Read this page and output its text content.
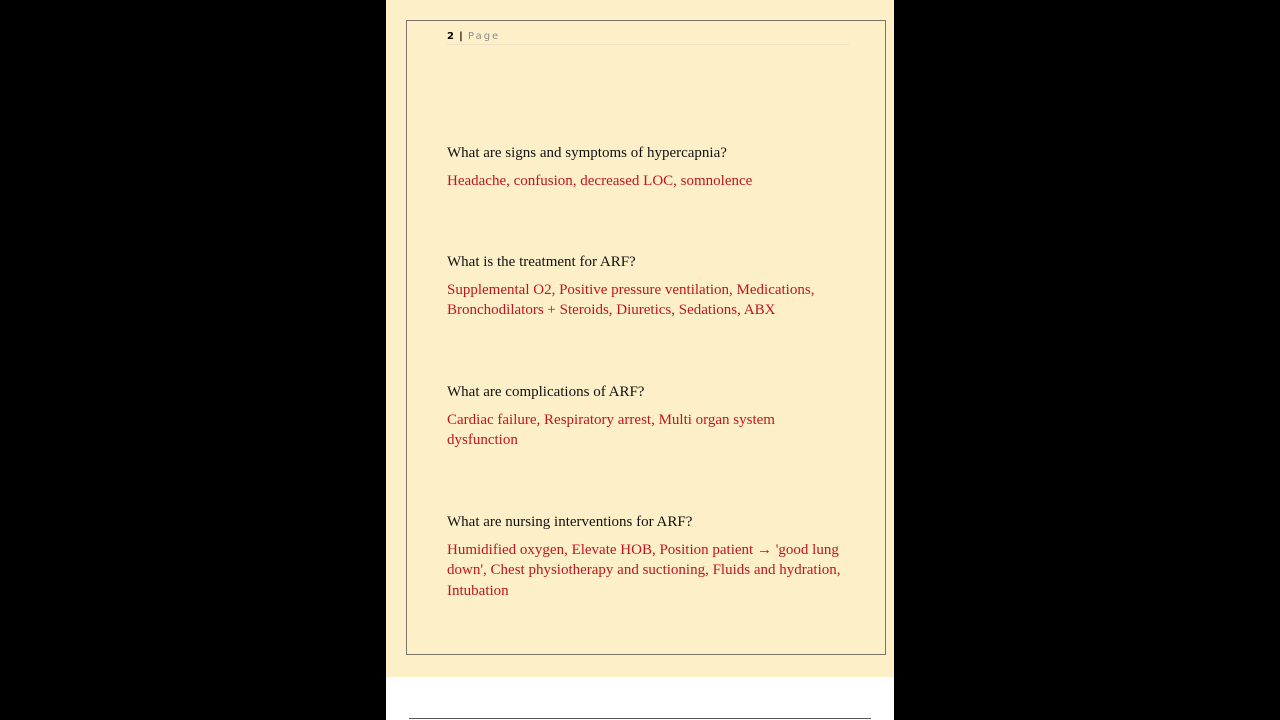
2 | Page

What are signs and symptoms of hypercapnia?

Headache, confusion, decreased LOC, somnolence

What is the treatment for ARF?

Supplemental O2, Positive pressure ventilation, Medications, Bronchodilators + Steroids, Diuretics, Sedations, ABX

What are complications of ARF?

Cardiac failure, Respiratory arrest, Multi organ system dysfunction

What are nursing interventions for ARF?

Humidified oxygen, Elevate HOB, Position patient → 'good lung down', Chest physiotherapy and suctioning, Fluids and hydration, Intubation
